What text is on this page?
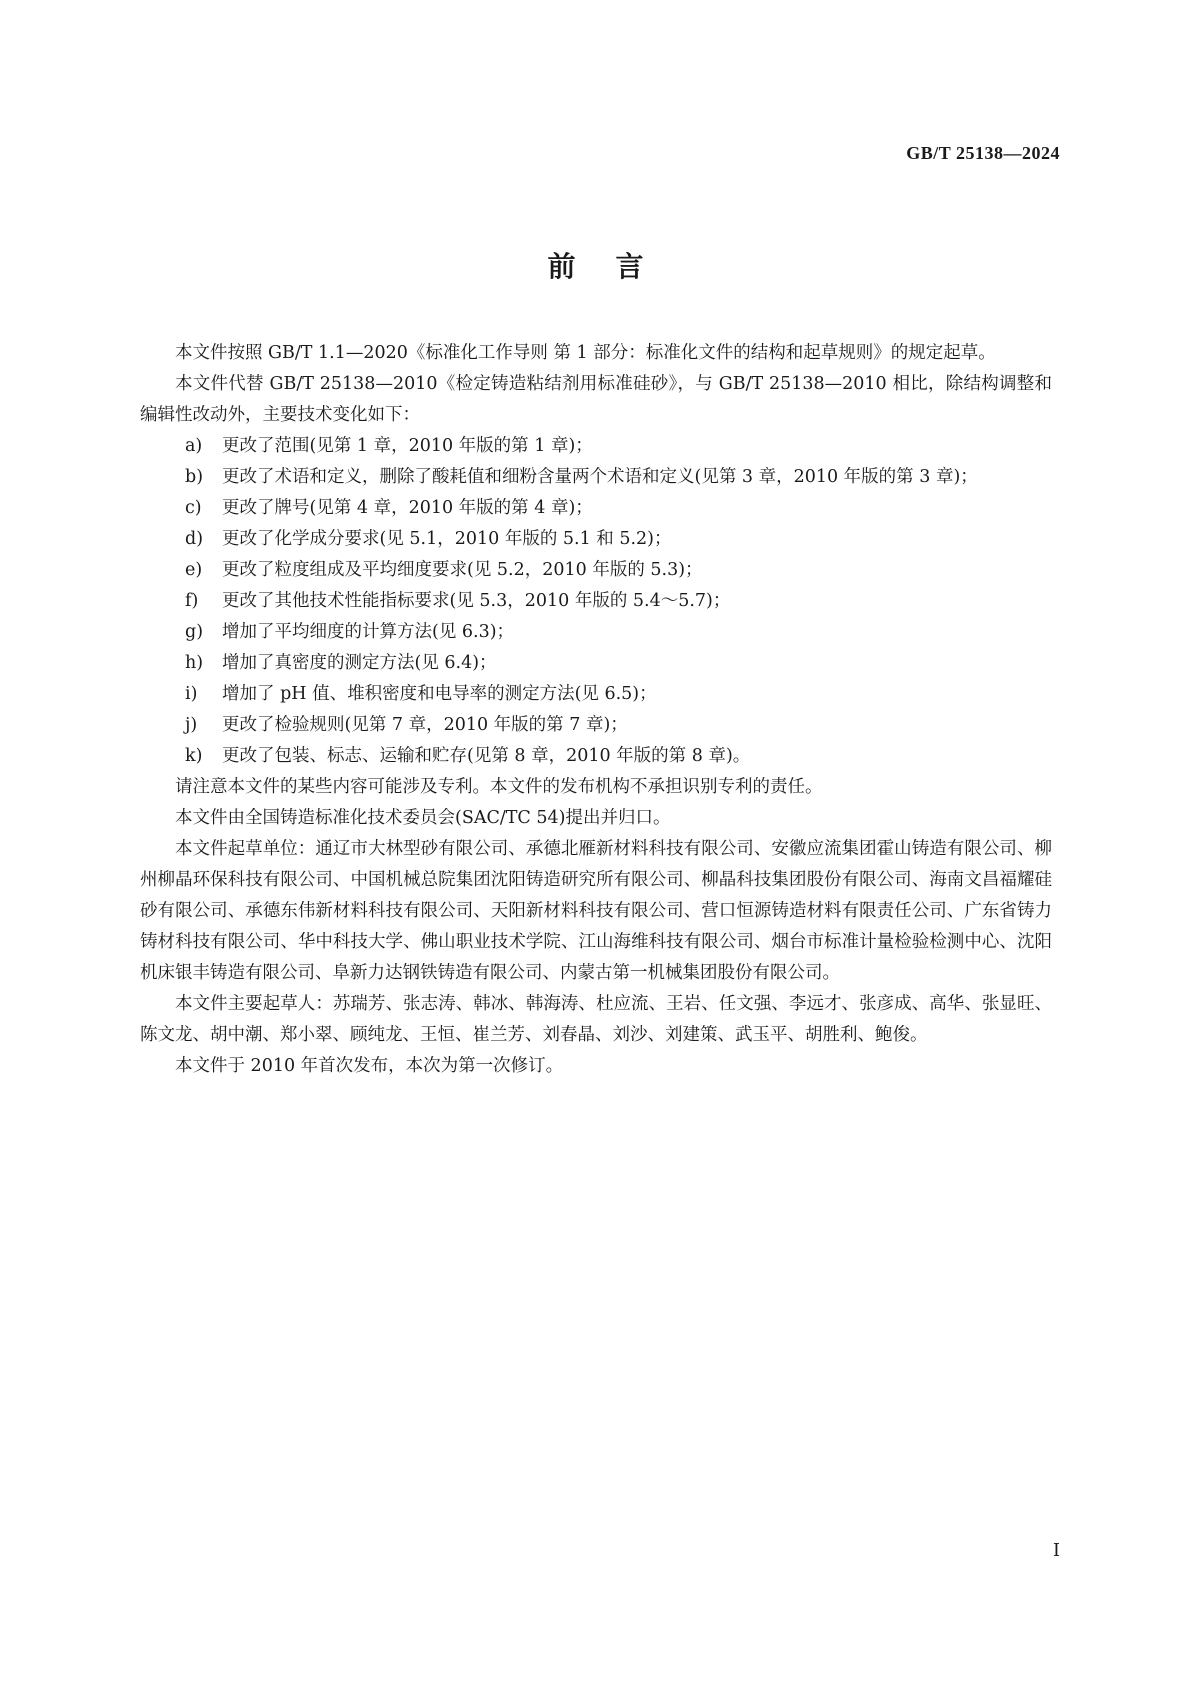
GB/T 25138—2024
前言

本文件按照 GB/T 1.1—2020《标准化工作导则 第 1 部分：标准化文件的结构和起草规则》的规定起草。

本文件代替 GB/T 25138—2010《检定铸造粘结剂用标准硅砂》，与 GB/T 25138—2010 相比，除结构调整和编辑性改动外，主要技术变化如下：

a) 更改了范围(见第 1 章，2010 年版的第 1 章)；
b) 更改了术语和定义，删除了酸耗值和细粉含量两个术语和定义(见第 3 章，2010 年版的第 3 章)；
c) 更改了牌号(见第 4 章，2010 年版的第 4 章)；
d) 更改了化学成分要求(见 5.1，2010 年版的 5.1 和 5.2)；
e) 更改了粒度组成及平均细度要求(见 5.2，2010 年版的 5.3)；
f) 更改了其他技术性能指标要求(见 5.3，2010 年版的 5.4～5.7)；
g) 增加了平均细度的计算方法(见 6.3)；
h) 增加了真密度的测定方法(见 6.4)；
i) 增加了 pH 值、堆积密度和电导率的测定方法(见 6.5)；
j) 更改了检验规则(见第 7 章，2010 年版的第 7 章)；
k) 更改了包装、标志、运输和贮存(见第 8 章，2010 年版的第 8 章)。

请注意本文件的某些内容可能涉及专利。本文件的发布机构不承担识别专利的责任。

本文件由全国铸造标准化技术委员会(SAC/TC 54)提出并归口。

本文件起草单位：通辽市大林型砂有限公司、承德北雁新材料科技有限公司、安徽应流集团霍山铸造有限公司、柳州柳晶环保科技有限公司、中国机械总院集团沈阳铸造研究所有限公司、柳晶科技集团股份有限公司、海南文昌福耀硅砂有限公司、承德东伟新材料科技有限公司、天阳新材料科技有限公司、营口恒源铸造材料有限责任公司、广东省铸力铸材科技有限公司、华中科技大学、佛山职业技术学院、江山海维科技有限公司、烟台市标准计量检验检测中心、沈阳机床银丰铸造有限公司、阜新力达钢铁铸造有限公司、内蒙古第一机械集团股份有限公司。

本文件主要起草人：苏瑞芳、张志涛、韩冰、韩海涛、杜应流、王岩、任文强、李远才、张彦成、高华、张显旺、陈文龙、胡中潮、郑小翠、顾纯龙、王恒、崔兰芳、刘春晶、刘沙、刘建策、武玉平、胡胜利、鲍俊。

本文件于 2010 年首次发布，本次为第一次修订。

I
